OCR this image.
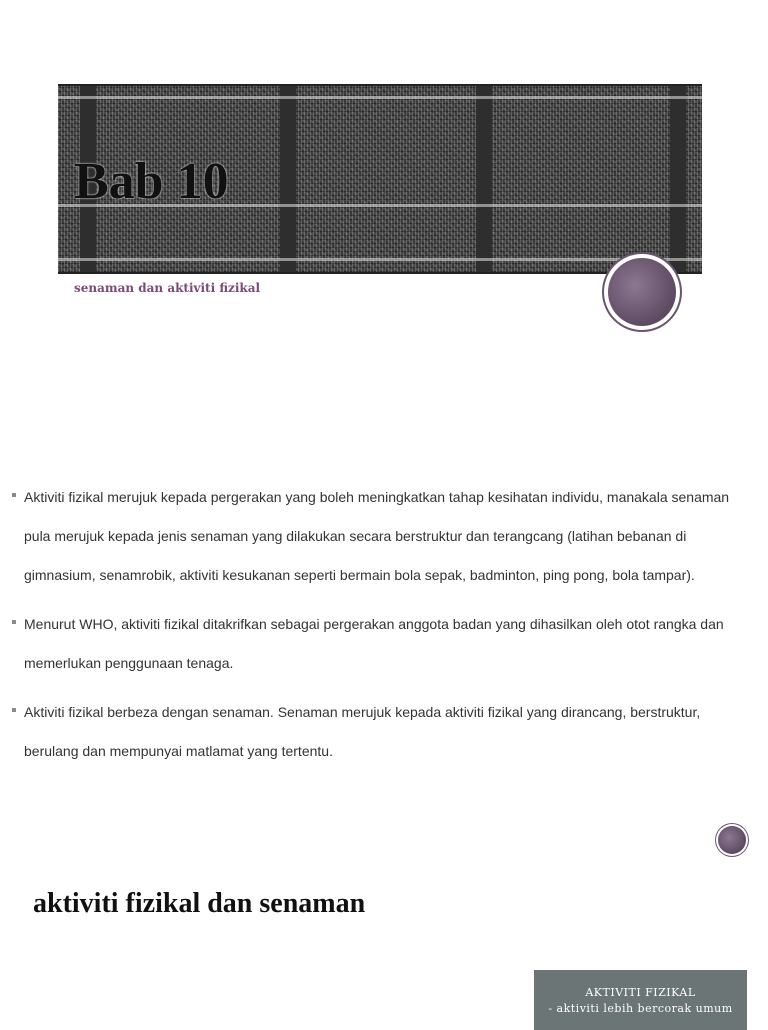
Bab 10

senaman dan aktiviti fizikal

Aktiviti fizikal merujuk kepada pergerakan yang boleh meningkatkan tahap kesihatan individu, manakala senaman pula merujuk kepada jenis senaman yang dilakukan secara berstruktur dan terangcang (latihan bebanan di gimnasium, senamrobik, aktiviti kesukanan seperti bermain bola sepak, badminton, ping pong, bola tampar).
Menurut WHO, aktiviti fizikal ditakrifkan sebagai pergerakan anggota badan yang dihasilkan oleh otot rangka dan memerlukan penggunaan tenaga.
Aktiviti fizikal berbeza dengan senaman. Senaman merujuk kepada aktiviti fizikal yang dirancang, berstruktur, berulang dan mempunyai matlamat yang tertentu.
aktiviti fizikal dan senaman
AKTIVITI FIZIKAL
- aktiviti lebih bercorak umum
